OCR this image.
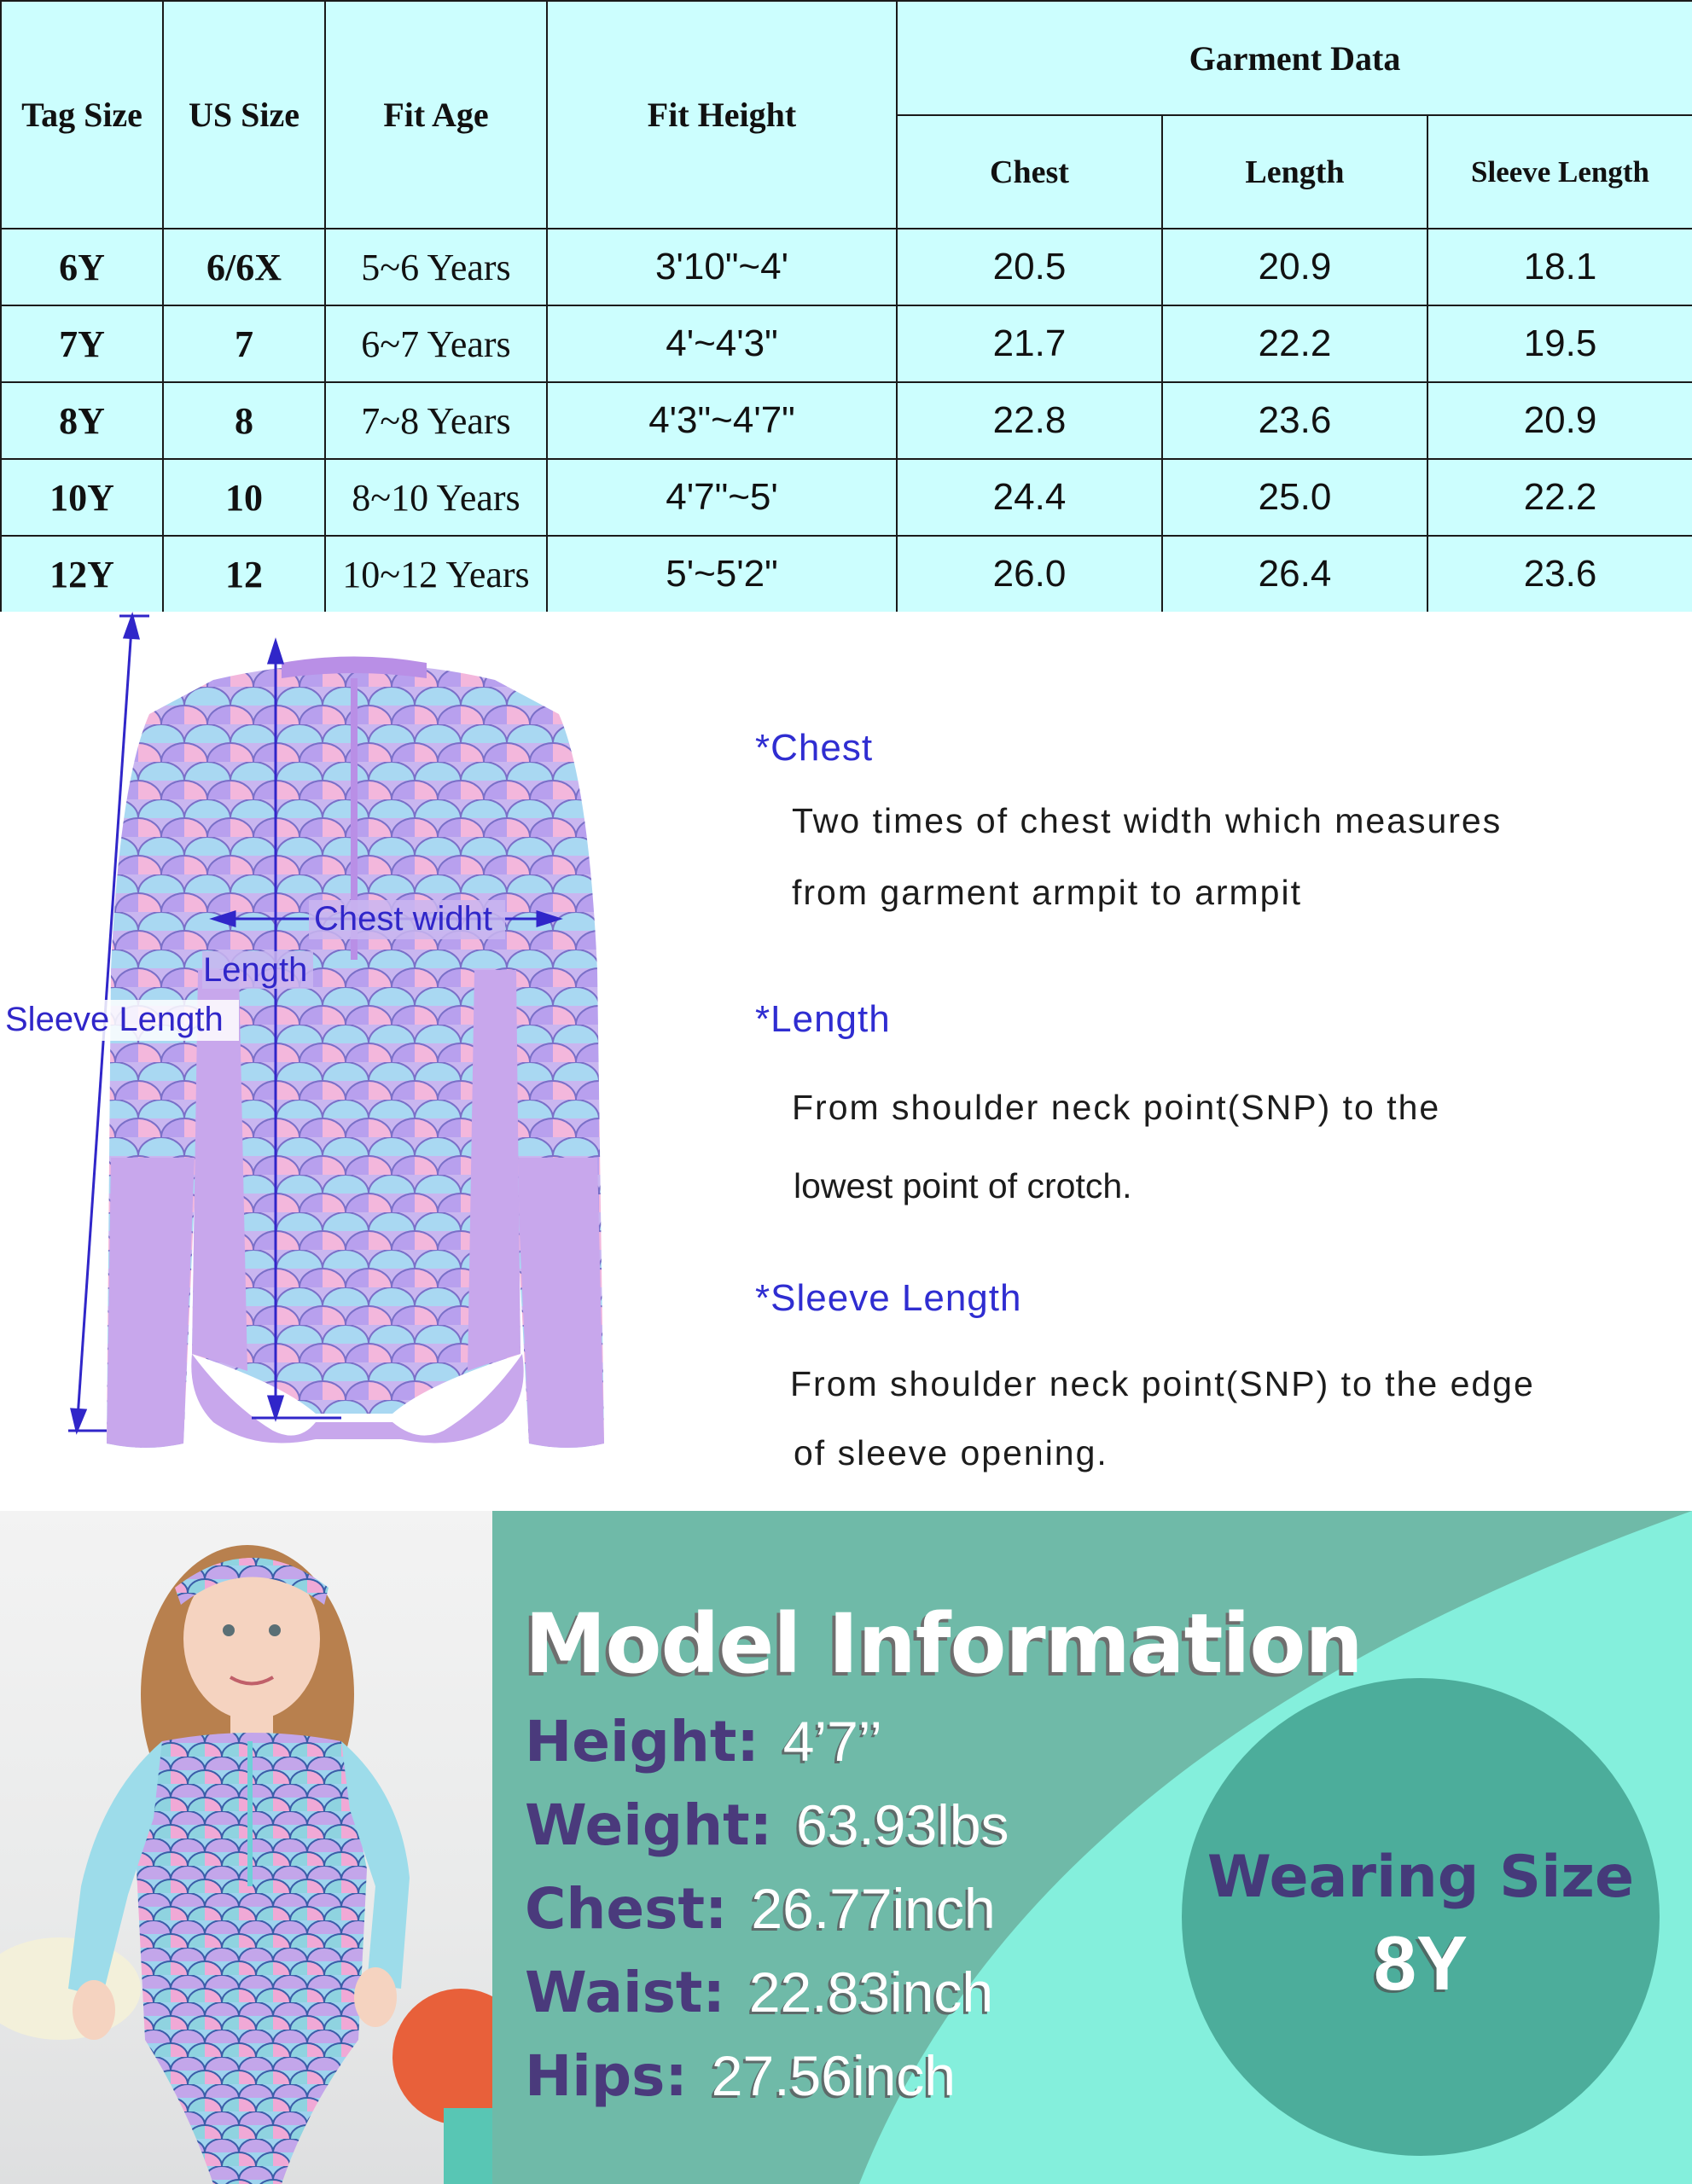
Tag Size	US Size	Fit Age	Fit Height	Garment Data		
				Chest	Length	Sleeve Length
6Y	6/6X	5~6 Years	3'10"~4'	20.5	20.9	18.1
7Y	7	6~7 Years	4'~4'3"	21.7	22.2	19.5
8Y	8	7~8 Years	4'3"~4'7"	22.8	23.6	20.9
10Y	10	8~10 Years	4'7"~5'	24.4	25.0	22.2
12Y	12	10~12 Years	5'~5'2"	26.0	26.4	23.6
Chest widht
Length
Sleeve Length
*Chest
Two times of chest width which measures
from garment armpit to armpit
*Length
From shoulder neck point(SNP) to the
lowest point of crotch.
*Sleeve Length
From shoulder neck point(SNP) to the edge
of sleeve opening.
Model Information
Height: 4’7’’
Weight: 63.93lbs
Chest: 26.77inch
Waist: 22.83inch
Hips: 27.56inch
Wearing Size
8Y
